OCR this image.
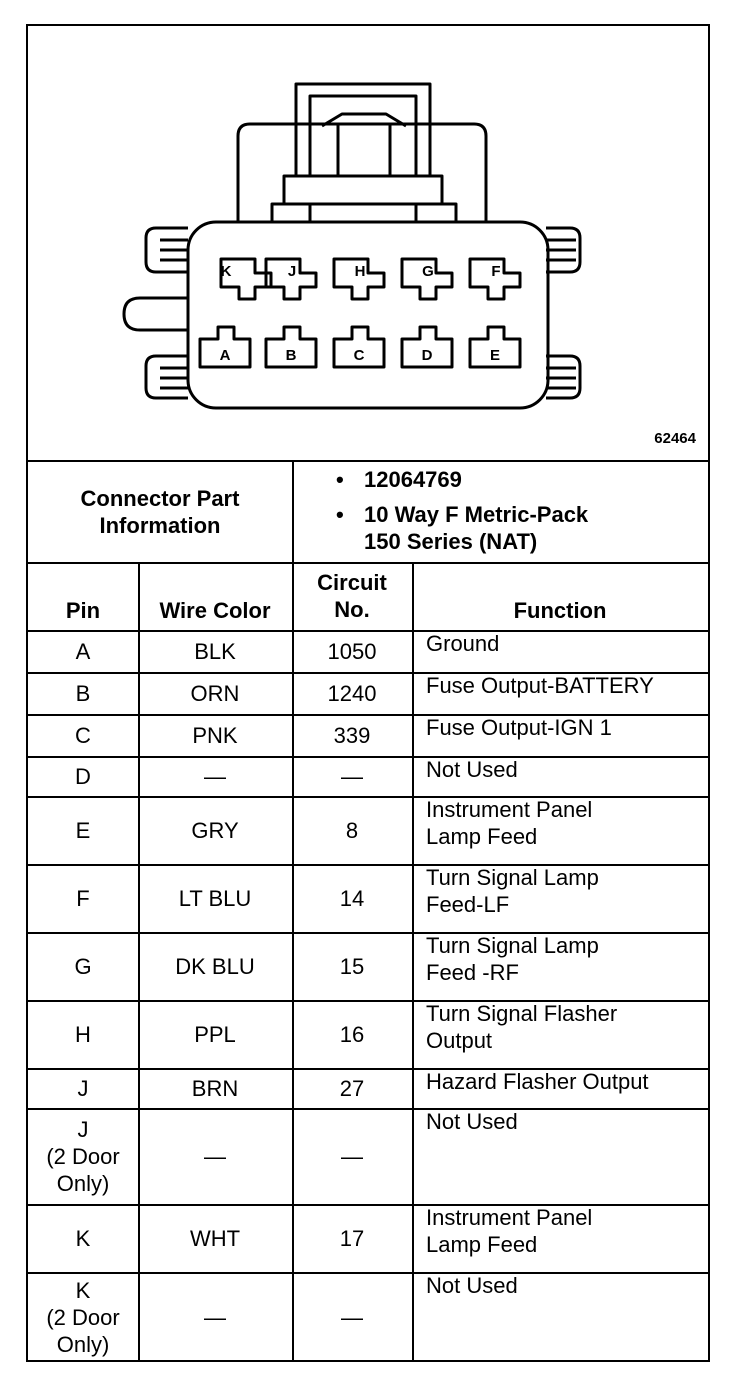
K	J	H	G	F
A	B	C	D	E
62464
Connector Part
Information
• 12064769
• 10 Way F Metric-Pack
150 Series (NAT)
Pin	Wire Color
Circuit
No.	Function
A	BLK	1050	Ground
B	ORN	1240	Fuse Output-BATTERY
C	PNK	339	Fuse Output-IGN 1
D	—	—	Not Used
E	GRY	8
Instrument Panel
Lamp Feed
F	LT BLU	14
Turn Signal Lamp
Feed-LF
G	DK BLU	15
Turn Signal Lamp
Feed -RF
H	PPL	16
Turn Signal Flasher
Output
J	BRN	27	Hazard Flasher Output
J
(2 Door
Only)
—	—
Not Used
K	WHT	17
Instrument Panel
Lamp Feed
K
(2 Door
Only)
—	—
Not Used
